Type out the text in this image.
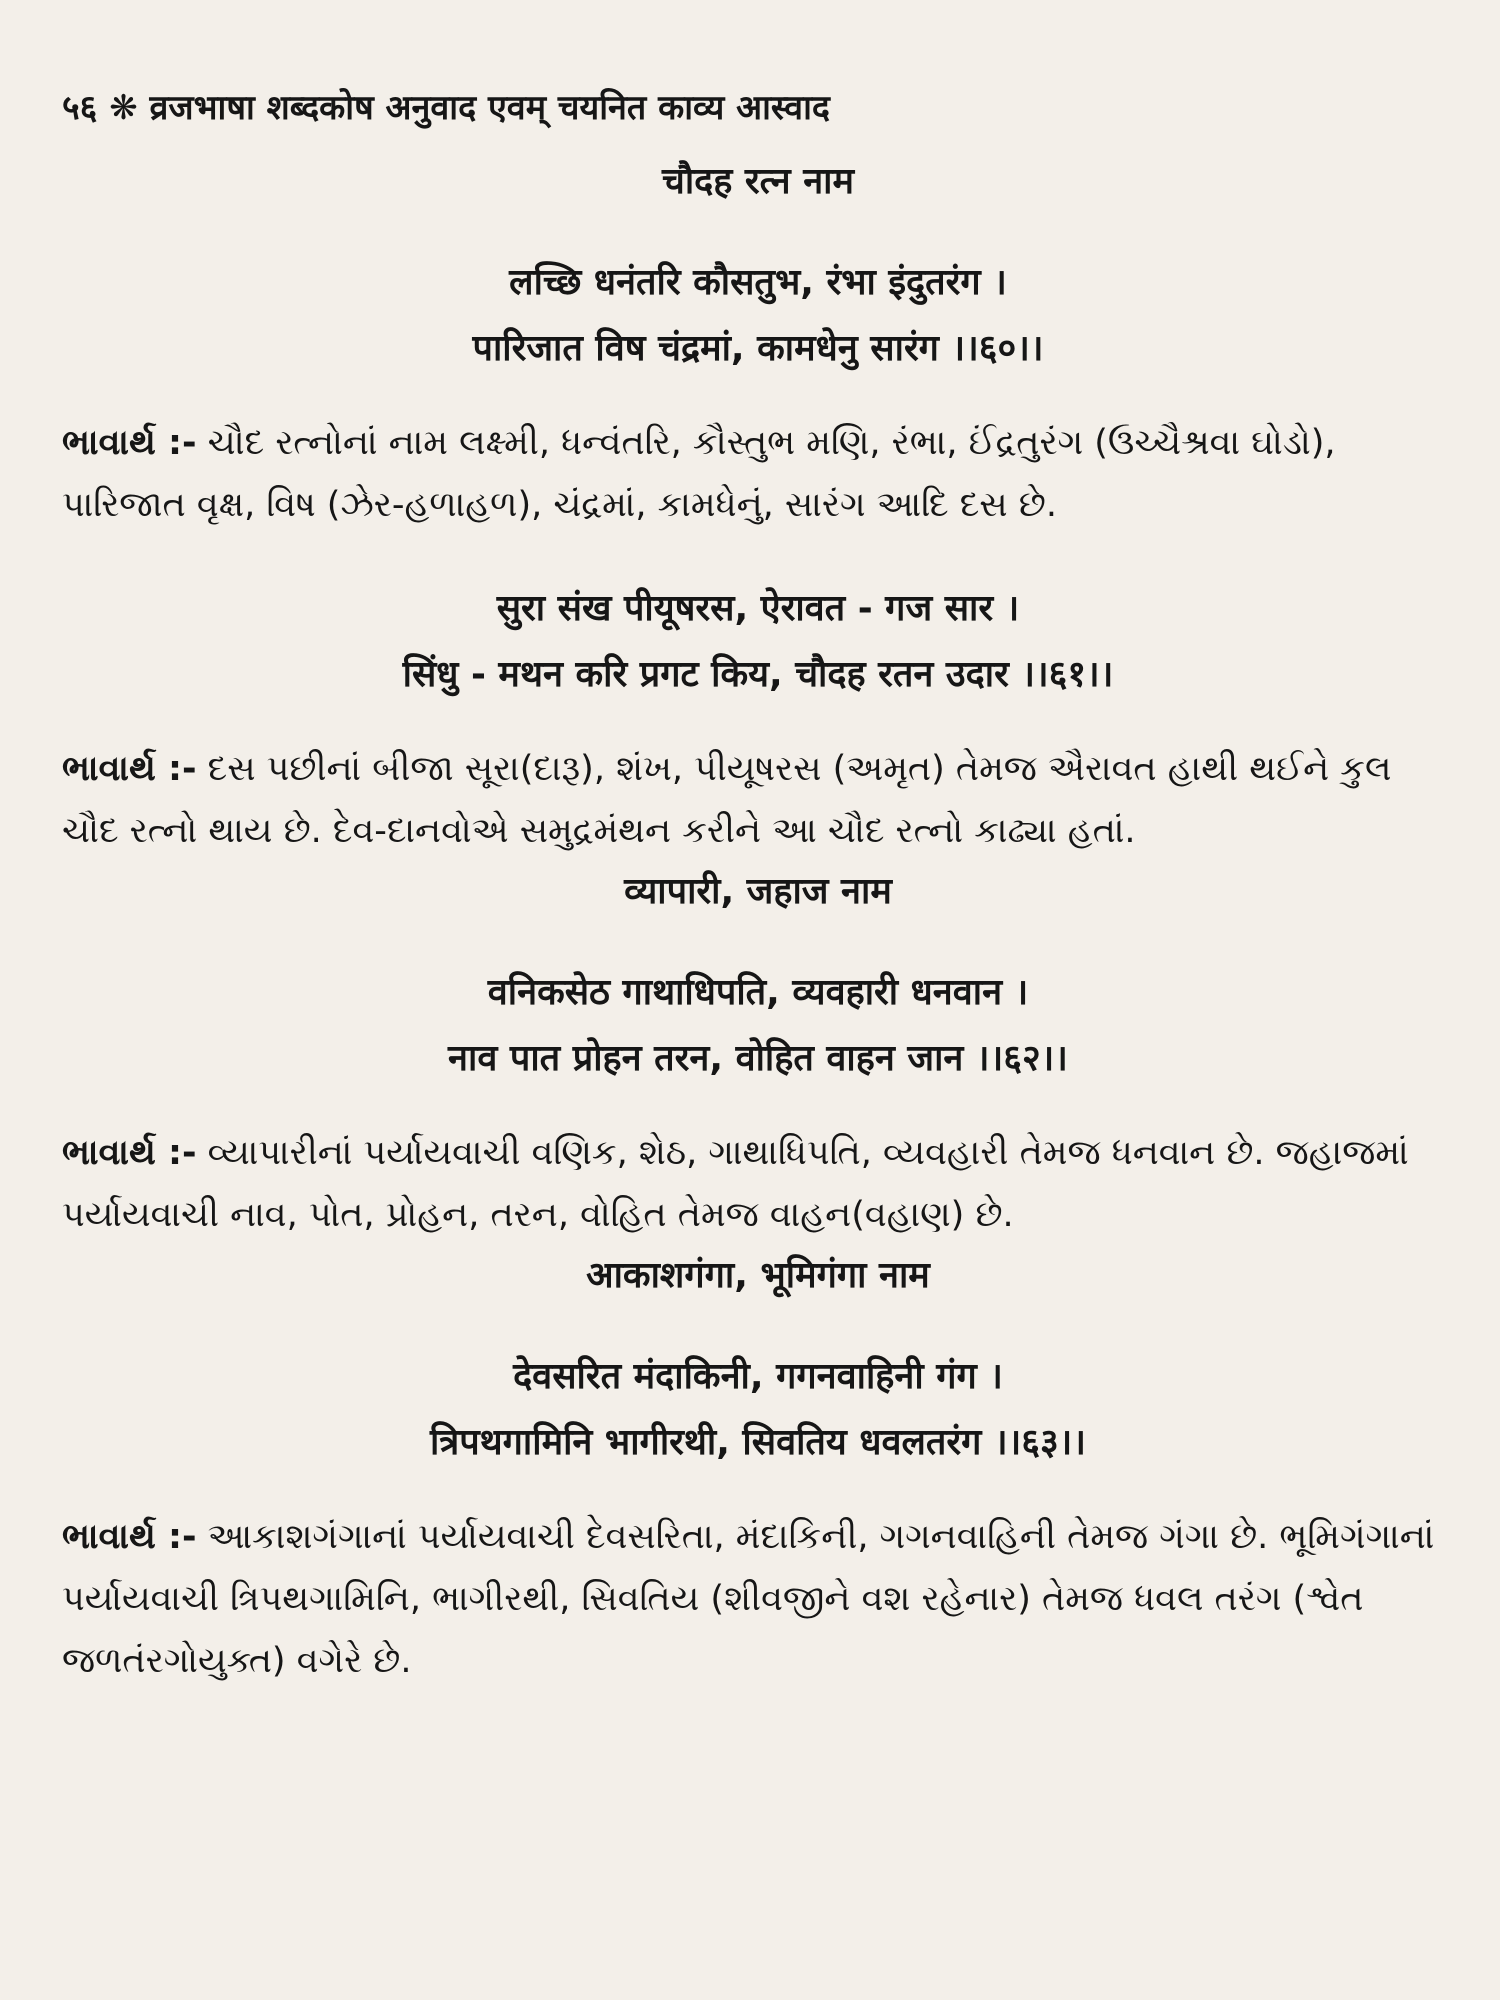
५६ ❋ व्रजभाषा शब्दकोष अनुवाद एवम् चयनित काव्य आस्वाद
चौदह रत्न नाम
लच्छि धनंतरि कौसतुभ, रंभा इंदुतरंग ।
पारिजात विष चंद्रमां, कामधेनु सारंग ।।६०।।
ભાવાર્થ :- ચૌદ રત્નોનાં નામ લક્ષ્મી, ધન્વંતરિ, કૌસ્તુભ મણિ, રંભા, ઈંદ્રતુરંગ (ઉચ્ચૈશ્રવા ઘોડો), પારિજાત વૃક્ષ, વિષ (ઝેર-હળાહળ), ચંદ્રમાં, કામધેનું, સારંગ આદિ દસ છે.
सुरा संख पीयूषरस, ऐरावत - गज सार ।
सिंधु - मथन करि प्रगट किय, चौदह रतन उदार ।।६१।।
ભાવાર્થ :- દસ પછીનાં બીજા સૂરા(દારૂ), શંખ, પીયૂષરસ (અમૃત) તેમજ ઐરાવત હાથી થઈને કુલ ચૌદ રત્નો થાય છે. દેવ-દાનવોએ સમુદ્રમંથન કરીને આ ચૌદ રત્નો કાઢ્યા હતાં.
व्यापारी, जहाज नाम
वनिकसेठ गाथाधिपति, व्यवहारी धनवान ।
नाव पात प्रोहन तरन, वोहित वाहन जान ।।६२।।
ભાવાર્થ :- વ્યાપારીનાં પર્યાયવાચી વણિક, શેઠ, ગાથાધિપતિ, વ્યવહારી તેમજ ધનવાન છે. જહાજમાં પર્યાયવાચી નાવ, પોત, પ્રોહન, તરન, વોહિત તેમજ વાહન(વહાણ) છે.
आकाशगंगा, भूमिगंगा नाम
देवसरित मंदाकिनी, गगनवाहिनी गंग ।
त्रिपथगामिनि भागीरथी, सिवतिय धवलतरंग ।।६३।।
ભાવાર્થ :- આકાશગંગાનાં પર્યાયવાચી દેવસરિતા, મંદાકિની, ગગનવાહિની તેમજ ગંગા છે. ભૂમિગંગાનાં પર્યાયવાચી ત્રિપથગામિનિ, ભાગીરથી, સિવતિય (શીવજીને વશ રહેનાર) તેમજ ધવલ તરંગ (શ્વેત જળતંરગોયુક્ત) વગેરે છે.
